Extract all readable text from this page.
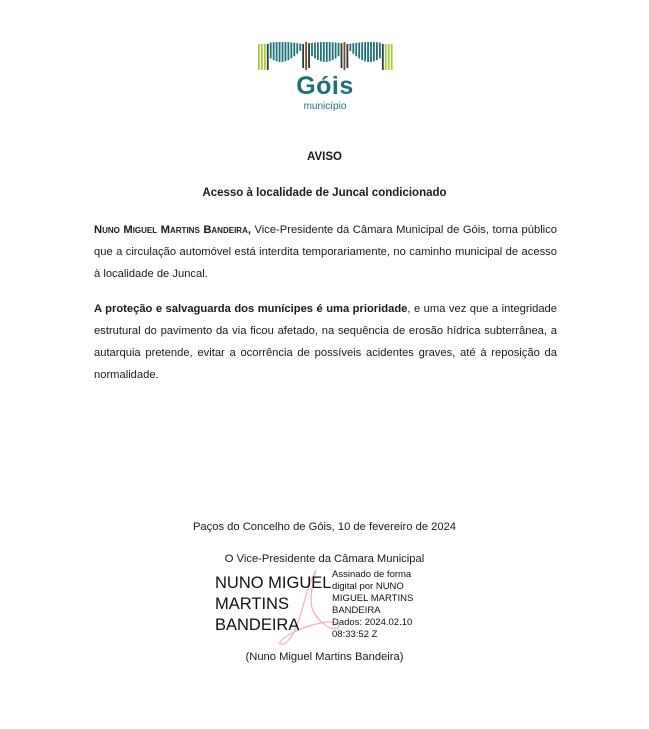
Góis
município
AVISO
Acesso à localidade de Juncal condicionado
Nuno Miguel Martins Bandeira, Vice-Presidente da Câmara Municipal de Góis, torna público que a circulação automóvel está interdita temporariamente, no caminho municipal de acesso à localidade de Juncal.
A proteção e salvaguarda dos munícipes é uma prioridade, e uma vez que a integridade estrutural do pavimento da via ficou afetado, na sequência de erosão hídrica subterrânea, a autarquia pretende, evitar a ocorrência de possíveis acidentes graves, até à reposição da normalidade.
Paços do Concelho de Góis, 10 de fevereiro de 2024
O Vice-Presidente da Câmara Municipal
NUNO MIGUEL
MARTINS
BANDEIRA
Assinado de forma
digital por NUNO
MIGUEL MARTINS
BANDEIRA
Dados: 2024.02.10
08:33:52 Z
(Nuno Miguel Martins Bandeira)
